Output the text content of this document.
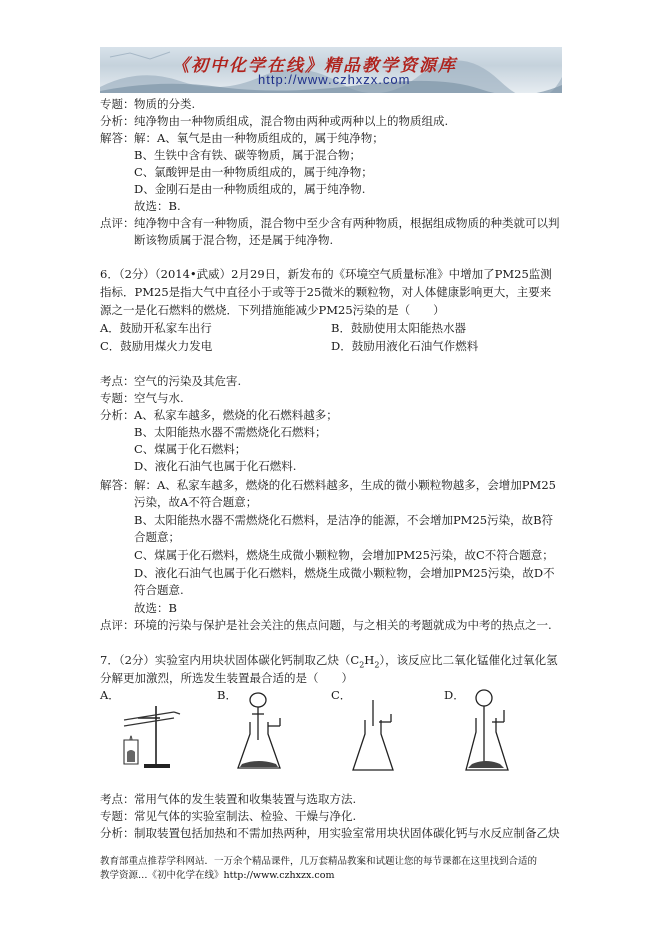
《初中化学在线》精品教学资源库
http://www.czhxzx.com
专题： 物质的分类.
分析： 纯净物由一种物质组成，混合物由两种或两种以上的物质组成.
解答： 解：A、氧气是由一种物质组成的，属于纯净物；
B、生铁中含有铁、碳等物质，属于混合物；
C、氯酸钾是由一种物质组成的，属于纯净物；
D、金刚石是由一种物质组成的，属于纯净物.
故选：B.
点评： 纯净物中含有一种物质，混合物中至少含有两种物质，根据组成物质的种类就可以判
断该物质属于混合物，还是属于纯净物.
6．（2分）（2014•武威）2月29日，新发布的《环境空气质量标准》中增加了PM25监测
指标．PM25是指大气中直径小于或等于25微米的颗粒物，对人体健康影响更大，主要来
源之一是化石燃料的燃烧．下列措施能减少PM25污染的是（　　）
A．鼓励开私家车出行	B．鼓励使用太阳能热水器
C．鼓励用煤火力发电	D．鼓励用液化石油气作燃料
考点： 空气的污染及其危害.
专题： 空气与水.
分析： A、私家车越多，燃烧的化石燃料越多；
B、太阳能热水器不需燃烧化石燃料；
C、煤属于化石燃料；
D、液化石油气也属于化石燃料.
解答： 解：A、私家车越多，燃烧的化石燃料越多，生成的微小颗粒物越多，会增加PM25
污染，故A不符合题意；
B、太阳能热水器不需燃烧化石燃料，是洁净的能源，不会增加PM25污染，故B符
合题意；
C、煤属于化石燃料，燃烧生成微小颗粒物，会增加PM25污染，故C不符合题意；
D、液化石油气也属于化石燃料，燃烧生成微小颗粒物，会增加PM25污染，故D不
符合题意.
故选：B
点评： 环境的污染与保护是社会关注的焦点问题，与之相关的考题就成为中考的热点之一.
7．（2分）实验室内用块状固体碳化钙制取乙炔$(C_2H_2)$，该反应比二氧化锰催化过氧化氢
分解更加激烈，所选发生装置最合适的是（　　）
A．	B．	C．	D．
考点： 常用气体的发生装置和收集装置与选取方法.
专题： 常见气体的实验室制法、检验、干燥与净化.
分析： 制取装置包括加热和不需加热两种，用实验室常用块状固体碳化钙与水反应制备乙炔
教育部重点推荐学科网站．一万余个精品课件，几万套精品教案和试题让您的每节课都在这里找到合适的
教学资源…《初中化学在线》http://www.czhxzx.com
